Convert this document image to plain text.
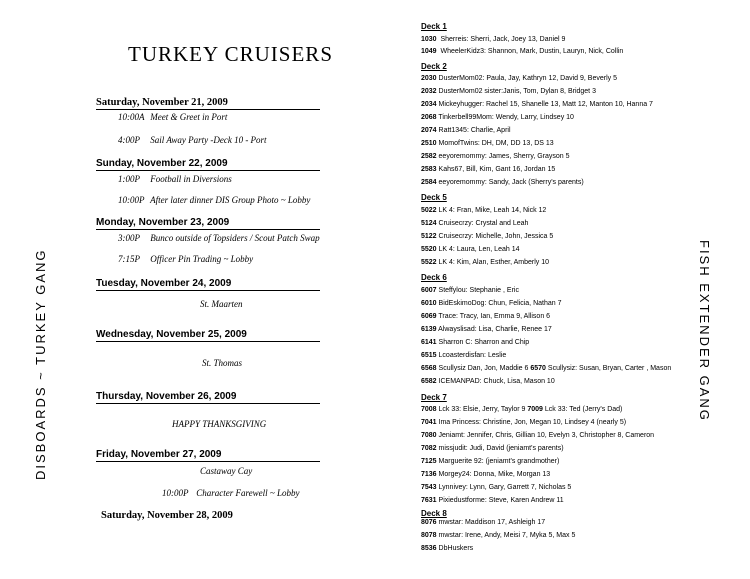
DISBOARDS ~ TURKEY GANG	FISH EXTENDER GANG
TURKEY CRUISERS
Saturday, November 21, 2009
10:00A Meet & Greet in Port
4:00P Sail Away Party -Deck 10 - Port
Sunday, November 22, 2009
1:00P Football in Diversions
10:00P After later dinner DIS Group Photo ~ Lobby
Monday, November 23, 2009
3:00P Bunco outside of Topsiders / Scout Patch Swap
7:15P Officer Pin Trading ~ Lobby
Tuesday, November 24, 2009
St. Maarten
Wednesday, November 25, 2009
St. Thomas
Thursday, November 26, 2009
HAPPY THANKSGIVING
Friday, November 27, 2009
Castaway Cay
10:00P Character Farewell ~ Lobby
Saturday, November 28, 2009
Deck 1
1030 Sherreis: Sherri, Jack, Joey 13, Daniel 9
1049 WheelerKidz3: Shannon, Mark, Dustin, Lauryn, Nick, Collin
Deck 2
2030 DusterMom02: Paula, Jay, Kathryn 12, David 9, Beverly 5
2032 DusterMom02 sister:Janis, Tom, Dylan 8, Bridget 3
2034 Mickeyhugger: Rachel 15, Shanelle 13, Matt 12, Manton 10, Hanna 7
2068 Tinkerbell99Mom: Wendy, Larry, Lindsey 10
2074 Ratt1345: Charlie, April
2510 MomofTwins: DH, DM, DD 13, DS 13
2582 eeyoremommy: James, Sherry, Grayson 5
2583 Kahs67, Bill, Kim, Gant 16, Jordan 15
2584 eeyoremommy: Sandy, Jack (Sherry's parents)
Deck 5
5022 LK 4: Fran, Mike, Leah 14, Nick 12
5124 Cruisecrzy: Crystal and Leah
5122 Cruisecrzy: Michelle, John, Jessica 5
5520 LK 4: Laura, Len, Leah 14
5522 LK 4: Kim, Alan, Esther, Amberly 10
Deck 6
6007 Steffylou: Stephanie , Eric
6010 BidEskimoDog: Chun, Felicia, Nathan 7
6069 Trace: Tracy, Ian, Emma 9, Allison 6
6139 Alwayslisad: Lisa, Charlie, Renee 17
6141 Sharron C: Sharron and Chip
6515 Lcoasterdisfan: Leslie
6568 Scullysiz Dan, Jon, Maddie 6 6570 Scullysiz: Susan, Bryan, Carter , Mason
6582 ICEMANPAD: Chuck, Lisa, Mason 10
Deck 7
7008 Lck 33: Elsie, Jerry, Taylor 9 7009 Lck 33: Ted (Jerry's Dad)
7041 Ima Princess: Christine, Jon, Megan 10, Lindsey 4 (nearly 5)
7080 Jeniamt: Jennifer, Chris, Gillian 10, Evelyn 3, Christopher 8, Cameron
7082 missjudit: Judi, David (jeniamt's parents)
7125 Marguerite 92: (jeniamt's grandmother)
7136 Morgey24: Donna, Mike, Morgan 13
7543 Lynnivey: Lynn, Gary, Garrett 7, Nicholas 5
7631 Pixiedustforme: Steve, Karen Andrew 11
Deck 8
8076 mwstar: Maddison 17, Ashleigh 17
8078 mwstar: Irene, Andy, Meisi 7, Myka 5, Max 5
8536 DbHuskers
